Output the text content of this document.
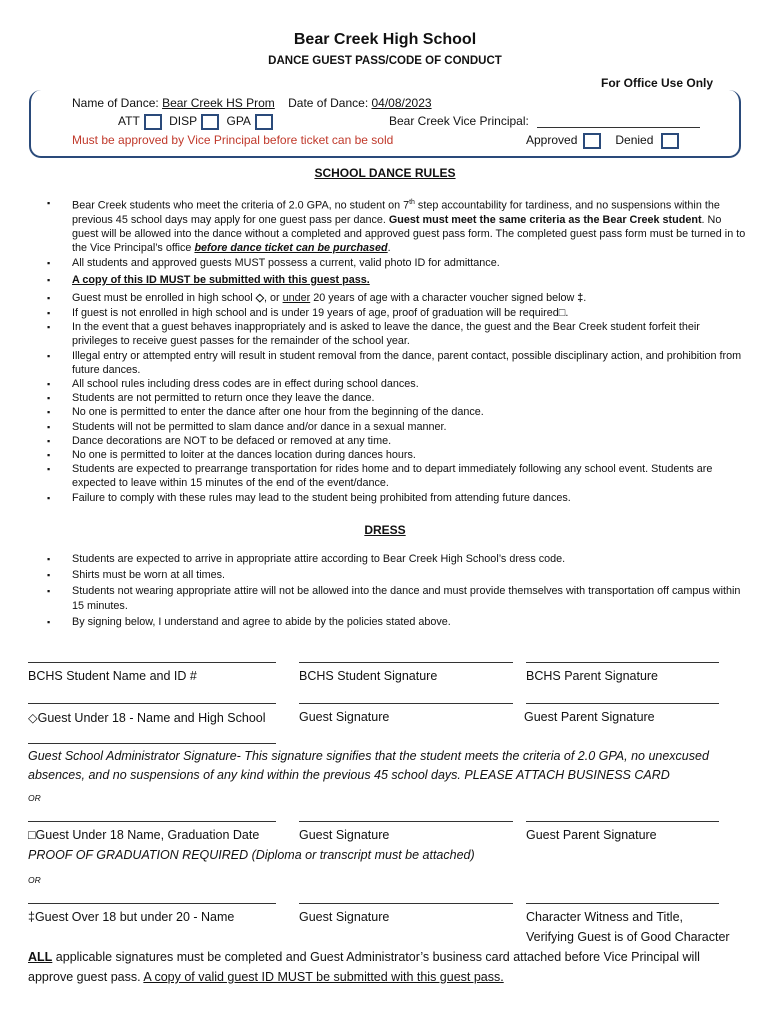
Bear Creek High School
DANCE GUEST PASS/CODE OF CONDUCT
For Office Use Only
Name of Dance: Bear Creek HS Prom Date of Dance: 04/08/2023
ATT DISP GPA	Bear Creek Vice Principal:
Must be approved by Vice Principal before ticket can be sold	Approved	Denied
SCHOOL DANCE RULES
▪ Bear Creek students who meet the criteria of 2.0 GPA, no student on 7th step accountability for tardiness, and no suspensions within the previous 45 school days may apply for one guest pass per dance. Guest must meet the same criteria as the Bear Creek student. No guest will be allowed into the dance without a completed and approved guest pass form. The completed guest pass form must be turned in to the Vice Principal’s office before dance ticket can be purchased.
▪ All students and approved guests MUST possess a current, valid photo ID for admittance.
▪ A copy of this ID MUST be submitted with this guest pass.
▪ Guest must be enrolled in high school ◇, or under 20 years of age with a character voucher signed below ‡.
▪ If guest is not enrolled in high school and is under 19 years of age, proof of graduation will be required□.
▪ In the event that a guest behaves inappropriately and is asked to leave the dance, the guest and the Bear Creek student forfeit their privileges to receive guest passes for the remainder of the school year.
▪ Illegal entry or attempted entry will result in student removal from the dance, parent contact, possible disciplinary action, and prohibition from future dances.
▪ All school rules including dress codes are in effect during school dances.
▪ Students are not permitted to return once they leave the dance.
▪ No one is permitted to enter the dance after one hour from the beginning of the dance.
▪ Students will not be permitted to slam dance and/or dance in a sexual manner.
▪ Dance decorations are NOT to be defaced or removed at any time.
▪ No one is permitted to loiter at the dances location during dances hours.
▪ Students are expected to prearrange transportation for rides home and to depart immediately following any school event. Students are expected to leave within 15 minutes of the end of the event/dance.
▪ Failure to comply with these rules may lead to the student being prohibited from attending future dances.
DRESS
▪ Students are expected to arrive in appropriate attire according to Bear Creek High School’s dress code.
▪ Shirts must be worn at all times.
▪ Students not wearing appropriate attire will not be allowed into the dance and must provide themselves with transportation off campus within 15 minutes.
▪ By signing below, I understand and agree to abide by the policies stated above.
BCHS Student Name and ID #	BCHS Student Signature	BCHS Parent Signature
◇Guest Under 18 - Name and High School	Guest Signature	Guest Parent Signature
Guest School Administrator Signature- This signature signifies that the student meets the criteria of 2.0 GPA, no unexcused
absences, and no suspensions of any kind within the previous 45 school days. PLEASE ATTACH BUSINESS CARD
OR
□Guest Under 18 Name, Graduation Date	Guest Signature	Guest Parent Signature
PROOF OF GRADUATION REQUIRED (Diploma or transcript must be attached)
OR
‡Guest Over 18 but under 20 - Name	Guest Signature	Character Witness and Title,
Verifying Guest is of Good Character
ALL applicable signatures must be completed and Guest Administrator’s business card attached before Vice Principal will
approve guest pass. A copy of valid guest ID MUST be submitted with this guest pass.
